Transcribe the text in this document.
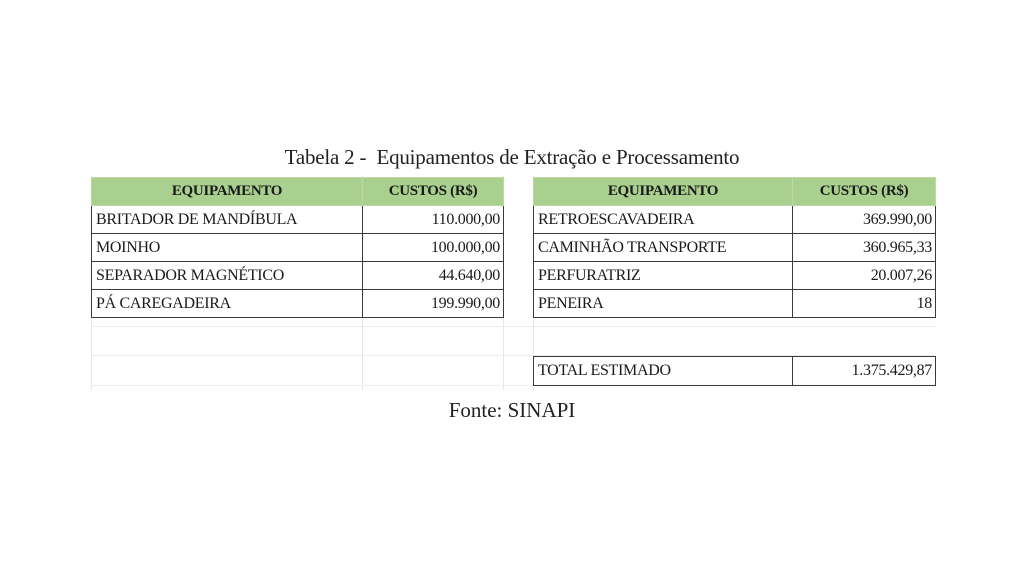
Tabela 2 - Equipamentos de Extração e Processamento
EQUIPAMENTO	CUSTOS (R$)
BRITADOR DE MANDÍBULA	110.000,00
MOINHO	100.000,00
SEPARADOR MAGNÉTICO	44.640,00
PÁ CAREGADEIRA	199.990,00
EQUIPAMENTO	CUSTOS (R$)
RETROESCAVADEIRA	369.990,00
CAMINHÃO TRANSPORTE	360.965,33
PERFURATRIZ	20.007,26
PENEIRA	18
TOTAL ESTIMADO	1.375.429,87
Fonte: SINAPI
